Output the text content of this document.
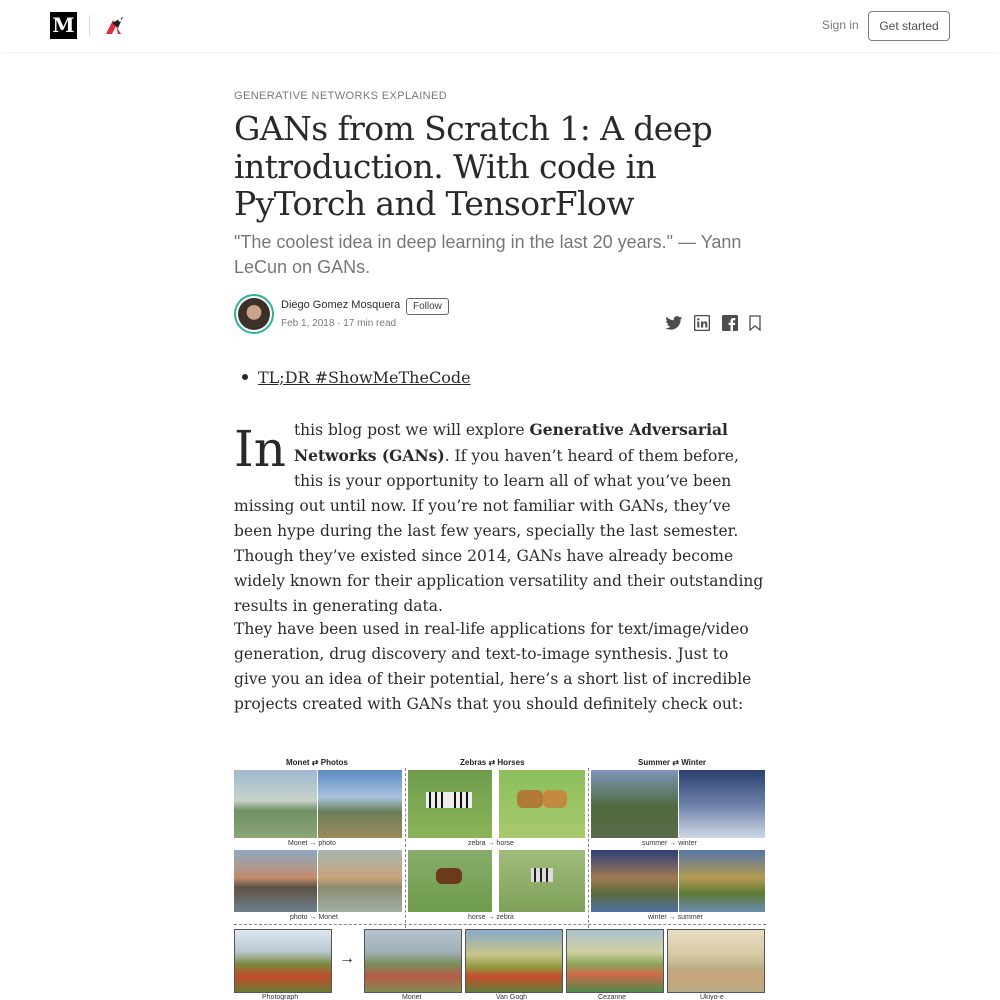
M	Sign in	Get started
GENERATIVE NETWORKS EXPLAINED
GANs from Scratch 1: A deep introduction. With code in PyTorch and TensorFlow
"The coolest idea in deep learning in the last 20 years." — Yann LeCun on GANs.
Diego Gomez Mosquera	Follow
Feb 1, 2018 · 17 min read
TL;DR #ShowMeTheCode
In this blog post we will explore Generative Adversarial Networks (GANs). If you haven’t heard of them before, this is your opportunity to learn all of what you’ve been missing out until now. If you’re not familiar with GANs, they’ve been hype during the last few years, specially the last semester. Though they’ve existed since 2014, GANs have already become widely known for their application versatility and their outstanding results in generating data.
They have been used in real-life applications for text/image/video generation, drug discovery and text-to-image synthesis. Just to give you an idea of their potential, here’s a short list of incredible projects created with GANs that you should definitely check out:
Monet ⇄ Photos	Zebras ⇄ Horses	Summer ⇄ Winter
Monet → photo	zebra → horse	summer → winter
photo → Monet	horse → zebra	winter → summer
→
Photograph	Monet	Van Gogh	Cezanne	Ukiyo-e
